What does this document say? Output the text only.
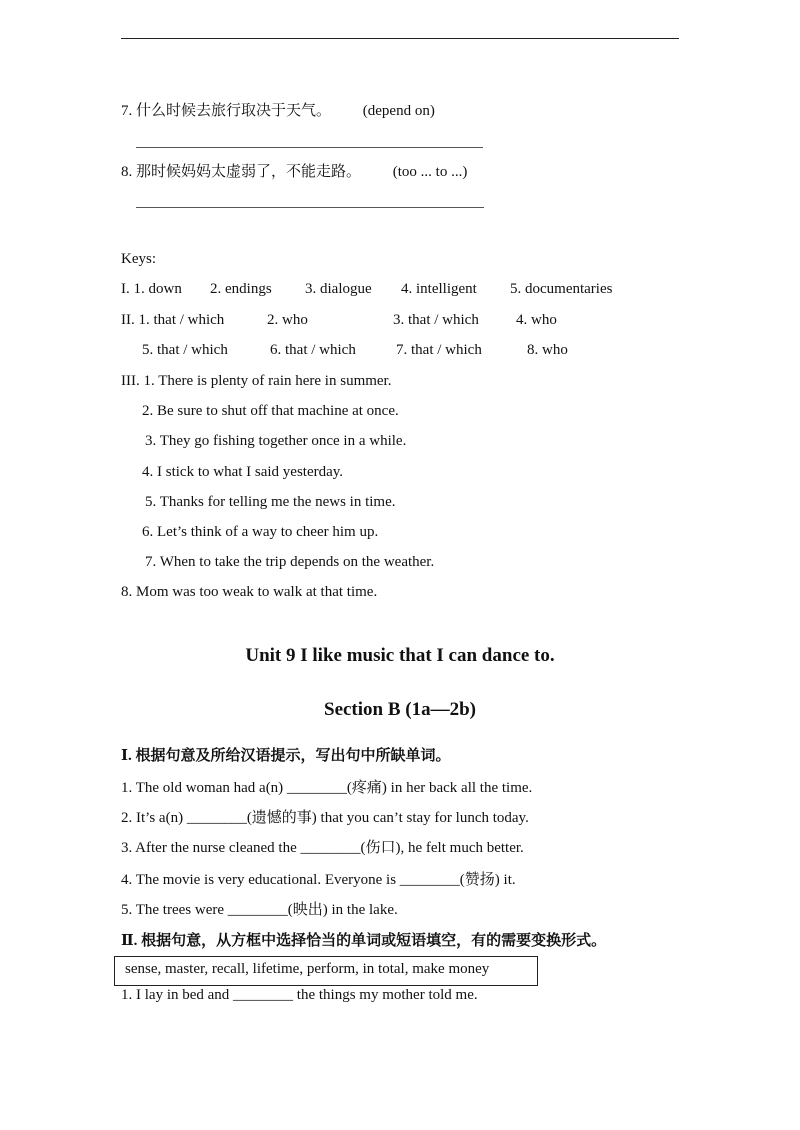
7. 什么时候去旅行取决于天气。 (depend on)
8. 那时候妈妈太虚弱了，不能走路。 (too ... to ...)
Keys:
I. 1. down 2. endings 3. dialogue 4. intelligent 5. documentaries
II. 1. that / which	2. who	3. that / which 4. who
5. that / which	6. that / which	7. that / which	8. who
III. 1. There is plenty of rain here in summer.
2. Be sure to shut off that machine at once.
3. They go fishing together once in a while.
4. I stick to what I said yesterday.
5. Thanks for telling me the news in time.
6. Let’s think of a way to cheer him up.
7. When to take the trip depends on the weather.
8. Mom was too weak to walk at that time.
Unit 9 I like music that I can dance to.
Section B (1a—2b)
Ⅰ. 根据句意及所给汉语提示，写出句中所缺单词。
1. The old woman had a(n) ________(疼痛) in her back all the time.
2. It’s a(n) ________(遗憾的事) that you can’t stay for lunch today.
3. After the nurse cleaned the ________(伤口), he felt much better.
4. The movie is very educational. Everyone is ________(赞扬) it.
5. The trees were ________(映出) in the lake.
Ⅱ. 根据句意，从方框中选择恰当的单词或短语填空，有的需要变换形式。
sense, master, recall, lifetime, perform, in total, make money
1. I lay in bed and ________ the things my mother told me.
